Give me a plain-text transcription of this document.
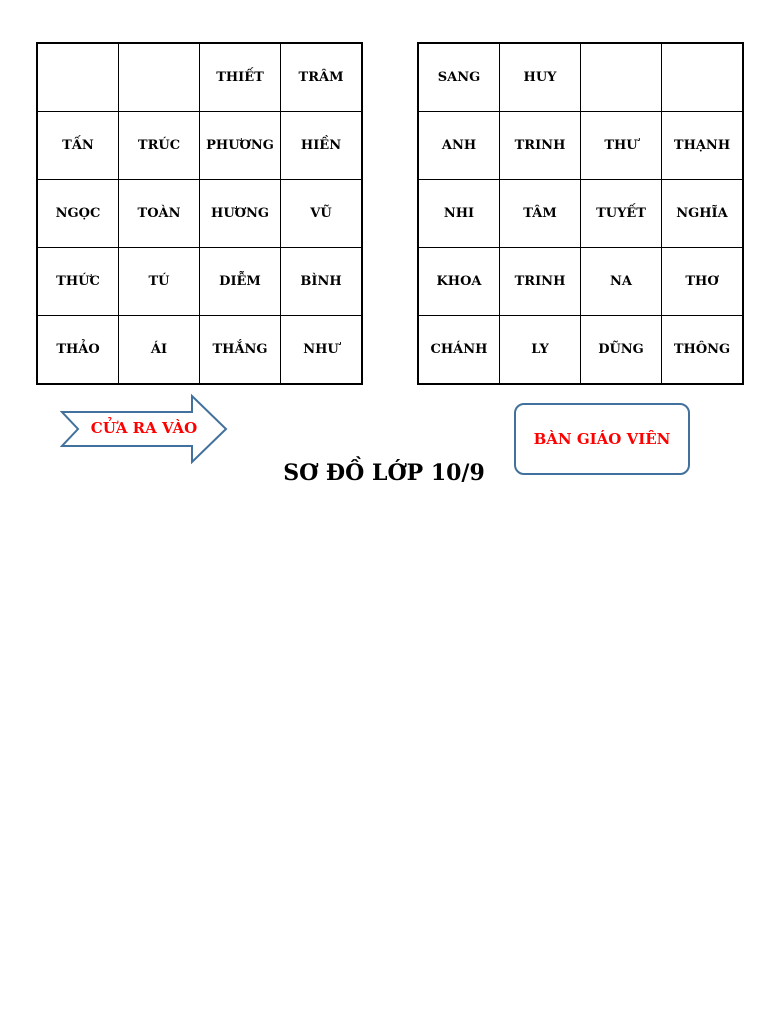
		THIẾT	TRÂM
TẤN	TRÚC	PHƯƠNG	HIỀN
NGỌC	TOÀN	HƯƠNG	VŨ
THỨC	TÚ	DIỄM	BÌNH
THẢO	ÁI	THẮNG	NHƯ
SANG	HUY		
ANH	TRINH	THƯ	THẠNH
NHI	TÂM	TUYẾT	NGHĨA
KHOA	TRINH	NA	THƠ
CHÁNH	LY	DŨNG	THÔNG
CỬA RA VÀO
BÀN GIÁO VIÊN
SƠ ĐỒ LỚP 10/9
